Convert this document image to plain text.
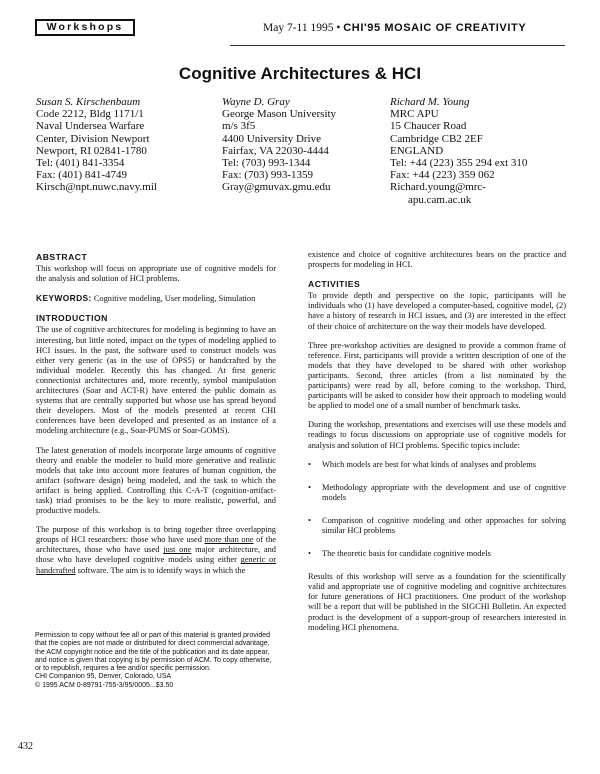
Workshops	May 7-11 1995 • CHI'95 MOSAIC OF CREATIVITY
Cognitive Architectures & HCI
Susan S. Kirschenbaum
Code 2212, Bldg 1171/1
Naval Undersea Warfare
Center, Division Newport
Newport, RI 02841-1780
Tel: (401) 841-3354
Fax: (401) 841-4749
Kirsch@npt.nuwc.navy.mil
Wayne D. Gray
George Mason University
m/s 3f5
4400 University Drive
Fairfax, VA 22030-4444
Tel: (703) 993-1344
Fax: (703) 993-1359
Gray@gmuvax.gmu.edu
Richard M. Young
MRC APU
15 Chaucer Road
Cambridge CB2 2EF
ENGLAND
Tel: +44 (223) 355 294 ext 310
Fax: +44 (223) 359 062
Richard.young@mrc-
apu.cam.ac.uk
ABSTRACT

This workshop will focus on appropriate use of cognitive models for the analysis and solution of HCI problems.

KEYWORDS: Cognitive modeling, User modeling, Simulation

INTRODUCTION

The use of cognitive architectures for modeling is beginning to have an interesting, but little noted, impact on the types of modeling applied to HCI issues. In the past, the software used to construct models was either very generic (as in the use of OPS5) or handcrafted by the individual modeler. Recently this has changed. At first generic connectionist architectures and, more recently, symbol manipulation architectures (Soar and ACT-R) have entered the public domain as systems that are centrally supported but whose use has spread beyond their developers. Most of the models presented at recent CHI conferences have been developed and presented as an instance of a modeling architecture (e.g., Soar-PUMS or Soar-GOMS).

The latest generation of models incorporate large amounts of cognitive theory and enable the modeler to build more generative and realistic models that take into account more features of human cognition, the artifact (software design) being modeled, and the task to which the artifact is being applied. Controlling this C-A-T (cognition-artifact-task) triad promises to be the key to more realistic, powerful, and productive models.

The purpose of this workshop is to bring together three overlapping groups of HCI researchers: those who have used more than one of the architectures, those who have used just one major architecture, and those who have developed cognitive models using either generic or handcrafted software. The aim is to identify ways in which the

existence and choice of cognitive architectures bears on the practice and prospects for modeling in HCI.

ACTIVITIES

To provide depth and perspective on the topic, participants will be individuals who (1) have developed a computer-based, cognitive model, (2) have a history of research in HCI issues, and (3) are interested in the effect of their choice of architecture on the way their models have developed.

Three pre-workshop activities are designed to provide a common frame of reference. First, participants will provide a written description of one of the models that they have developed to be shared with other workshop participants. Second, three articles (from a list nominated by the participants) were read by all, before coming to the workshop. Third, participants will be asked to consider how their approach to modeling would be applied to model one of a small number of benchmark tasks.

During the workshop, presentations and exercises will use these models and readings to focus discussions on appropriate use of cognitive models for analysis and solution of HCI problems. Specific topics include:

• Which models are best for what kinds of analyses and problems
• Methodology appropriate with the development and use of cognitive models
• Comparison of cognitive modeling and other approaches for solving similar HCI problems
• The theoretic basis for candidate cognitive models

Results of this workshop will serve as a foundation for the scientifically valid and appropriate use of cognitive modeling and cognitive architectures for future generations of HCI practitioners. One product of the workshop will be a report that will be published in the SIGCHI Bulletin. An expected product is the development of a support-group of researchers interested in modeling HCI phenomena.

Permission to copy without fee all or part of this material is granted provided that the copies are not made or distributed for direct commercial advantage, the ACM copyright notice and the title of the publication and its date appear, and notice is given that copying is by permission of ACM. To copy otherwise, or to republish, requires a fee and/or specific permission.
CHI Companion 95, Denver, Colorado, USA
© 1995 ACM 0-89791-755-3/95/0005...$3.50
432
